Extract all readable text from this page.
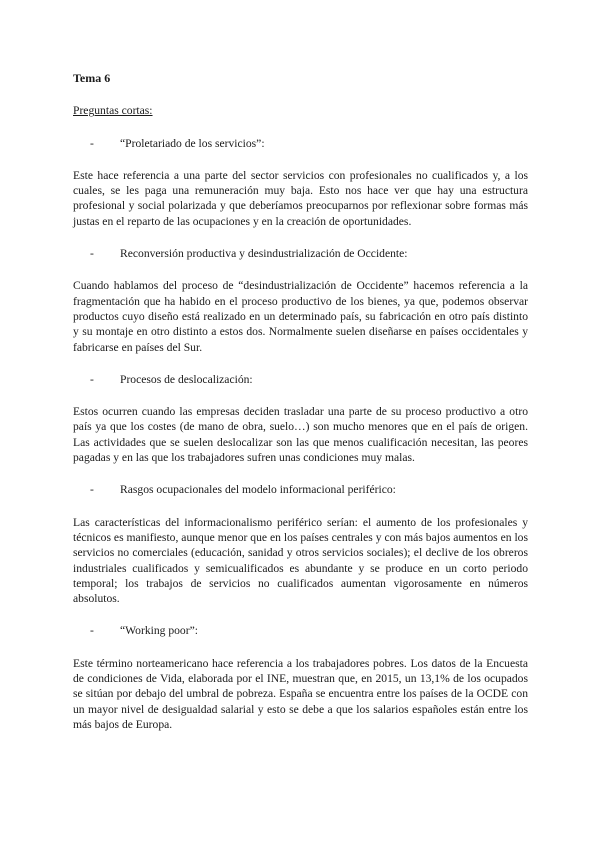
Tema 6
Preguntas cortas:
- “Proletariado de los servicios”:

Este hace referencia a una parte del sector servicios con profesionales no cualificados y, a los cuales, se les paga una remuneración muy baja. Esto nos hace ver que hay una estructura profesional y social polarizada y que deberíamos preocuparnos por reflexionar sobre formas más justas en el reparto de las ocupaciones y en la creación de oportunidades.

- Reconversión productiva y desindustrialización de Occidente:

Cuando hablamos del proceso de “desindustrialización de Occidente” hacemos referencia a la fragmentación que ha habido en el proceso productivo de los bienes, ya que, podemos observar productos cuyo diseño está realizado en un determinado país, su fabricación en otro país distinto y su montaje en otro distinto a estos dos. Normalmente suelen diseñarse en países occidentales y fabricarse en países del Sur.

- Procesos de deslocalización:

Estos ocurren cuando las empresas deciden trasladar una parte de su proceso productivo a otro país ya que los costes (de mano de obra, suelo…) son mucho menores que en el país de origen. Las actividades que se suelen deslocalizar son las que menos cualificación necesitan, las peores pagadas y en las que los trabajadores sufren unas condiciones muy malas.

- Rasgos ocupacionales del modelo informacional periférico:

Las características del informacionalismo periférico serían: el aumento de los profesionales y técnicos es manifiesto, aunque menor que en los países centrales y con más bajos aumentos en los servicios no comerciales (educación, sanidad y otros servicios sociales); el declive de los obreros industriales cualificados y semicualificados es abundante y se produce en un corto periodo temporal; los trabajos de servicios no cualificados aumentan vigorosamente en números absolutos.

- “Working poor”:

Este término norteamericano hace referencia a los trabajadores pobres. Los datos de la Encuesta de condiciones de Vida, elaborada por el INE, muestran que, en 2015, un 13,1% de los ocupados se sitúan por debajo del umbral de pobreza. España se encuentra entre los países de la OCDE con un mayor nivel de desigualdad salarial y esto se debe a que los salarios españoles están entre los más bajos de Europa.
